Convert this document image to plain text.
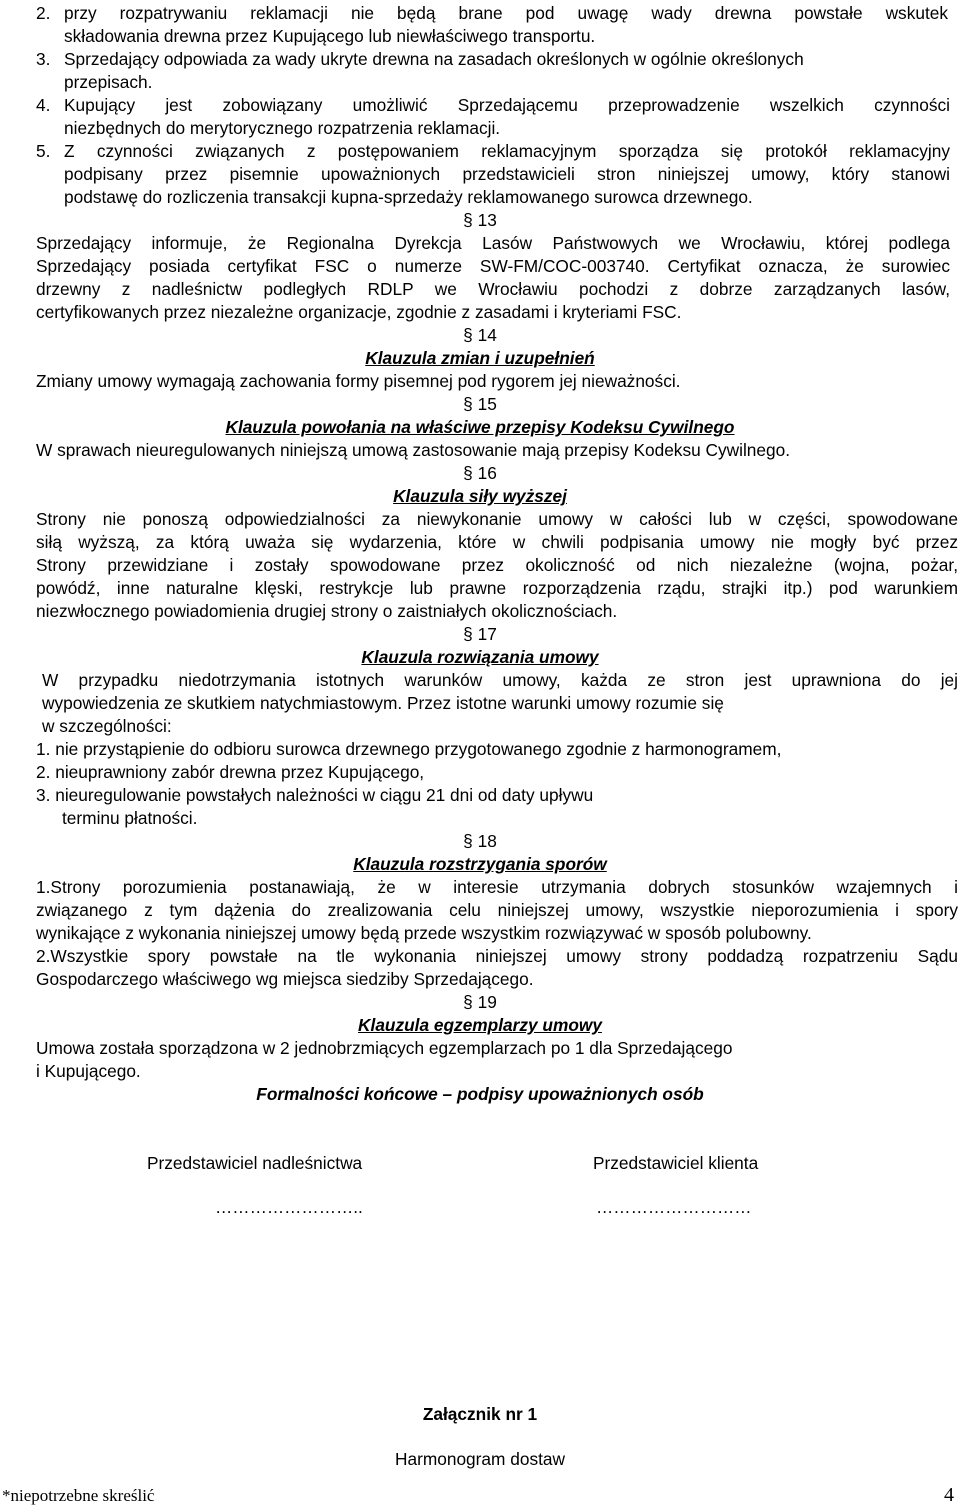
2. przy rozpatrywaniu reklamacji nie będą brane pod uwagę wady drewna powstałe wskutek
składowania drewna przez Kupującego lub niewłaściwego transportu.
3. Sprzedający odpowiada za wady ukryte drewna na zasadach określonych w ogólnie określonych
przepisach.
4. Kupujący jest zobowiązany umożliwić Sprzedającemu przeprowadzenie wszelkich czynności
niezbędnych do merytorycznego rozpatrzenia reklamacji.
5. Z czynności związanych z postępowaniem reklamacyjnym sporządza się protokół reklamacyjny
podpisany przez pisemnie upoważnionych przedstawicieli stron niniejszej umowy, który stanowi
podstawę do rozliczenia transakcji kupna-sprzedaży reklamowanego surowca drzewnego.
§ 13
Sprzedający informuje, że Regionalna Dyrekcja Lasów Państwowych we Wrocławiu, której podlega
Sprzedający posiada certyfikat FSC o numerze SW-FM/COC-003740. Certyfikat oznacza, że surowiec
drzewny z nadleśnictw podległych RDLP we Wrocławiu pochodzi z dobrze zarządzanych lasów,
certyfikowanych przez niezależne organizacje, zgodnie z zasadami i kryteriami FSC.
§ 14
Klauzula zmian i uzupełnień
Zmiany umowy wymagają zachowania formy pisemnej pod rygorem jej nieważności.
§ 15
Klauzula powołania na właściwe przepisy Kodeksu Cywilnego
W sprawach nieuregulowanych niniejszą umową zastosowanie mają przepisy Kodeksu Cywilnego.
§ 16
Klauzula siły wyższej
Strony nie ponoszą odpowiedzialności za niewykonanie umowy w całości lub w części, spowodowane
siłą wyższą, za którą uważa się wydarzenia, które w chwili podpisania umowy nie mogły być przez
Strony przewidziane i zostały spowodowane przez okoliczność od nich niezależne (wojna, pożar,
powódź, inne naturalne klęski, restrykcje lub prawne rozporządzenia rządu, strajki itp.) pod warunkiem
niezwłocznego powiadomienia drugiej strony o zaistniałych okolicznościach.
§ 17
Klauzula rozwiązania umowy
W przypadku niedotrzymania istotnych warunków umowy, każda ze stron jest uprawniona do jej
wypowiedzenia ze skutkiem natychmiastowym. Przez istotne warunki umowy rozumie się
w szczególności:
1. nie przystąpienie do odbioru surowca drzewnego przygotowanego zgodnie z harmonogramem,
2. nieuprawniony zabór drewna przez Kupującego,
3. nieuregulowanie powstałych należności w ciągu 21 dni od daty upływu
terminu płatności.
§ 18
Klauzula rozstrzygania sporów
1.Strony porozumienia postanawiają, że w interesie utrzymania dobrych stosunków wzajemnych i
związanego z tym dążenia do zrealizowania celu niniejszej umowy, wszystkie nieporozumienia i spory
wynikające z wykonania niniejszej umowy będą przede wszystkim rozwiązywać w sposób polubowny.
2.Wszystkie spory powstałe na tle wykonania niniejszej umowy strony poddadzą rozpatrzeniu Sądu
Gospodarczego właściwego wg miejsca siedziby Sprzedającego.
§ 19
Klauzula egzemplarzy umowy
Umowa została sporządzona w 2 jednobrzmiących egzemplarzach po 1 dla Sprzedającego
i Kupującego.
Formalności końcowe – podpisy upoważnionych osób
Przedstawiciel nadleśnictwa	Przedstawiciel klienta
……………………..	………………………
Załącznik nr 1
Harmonogram dostaw
*niepotrzebne skreślić	4
